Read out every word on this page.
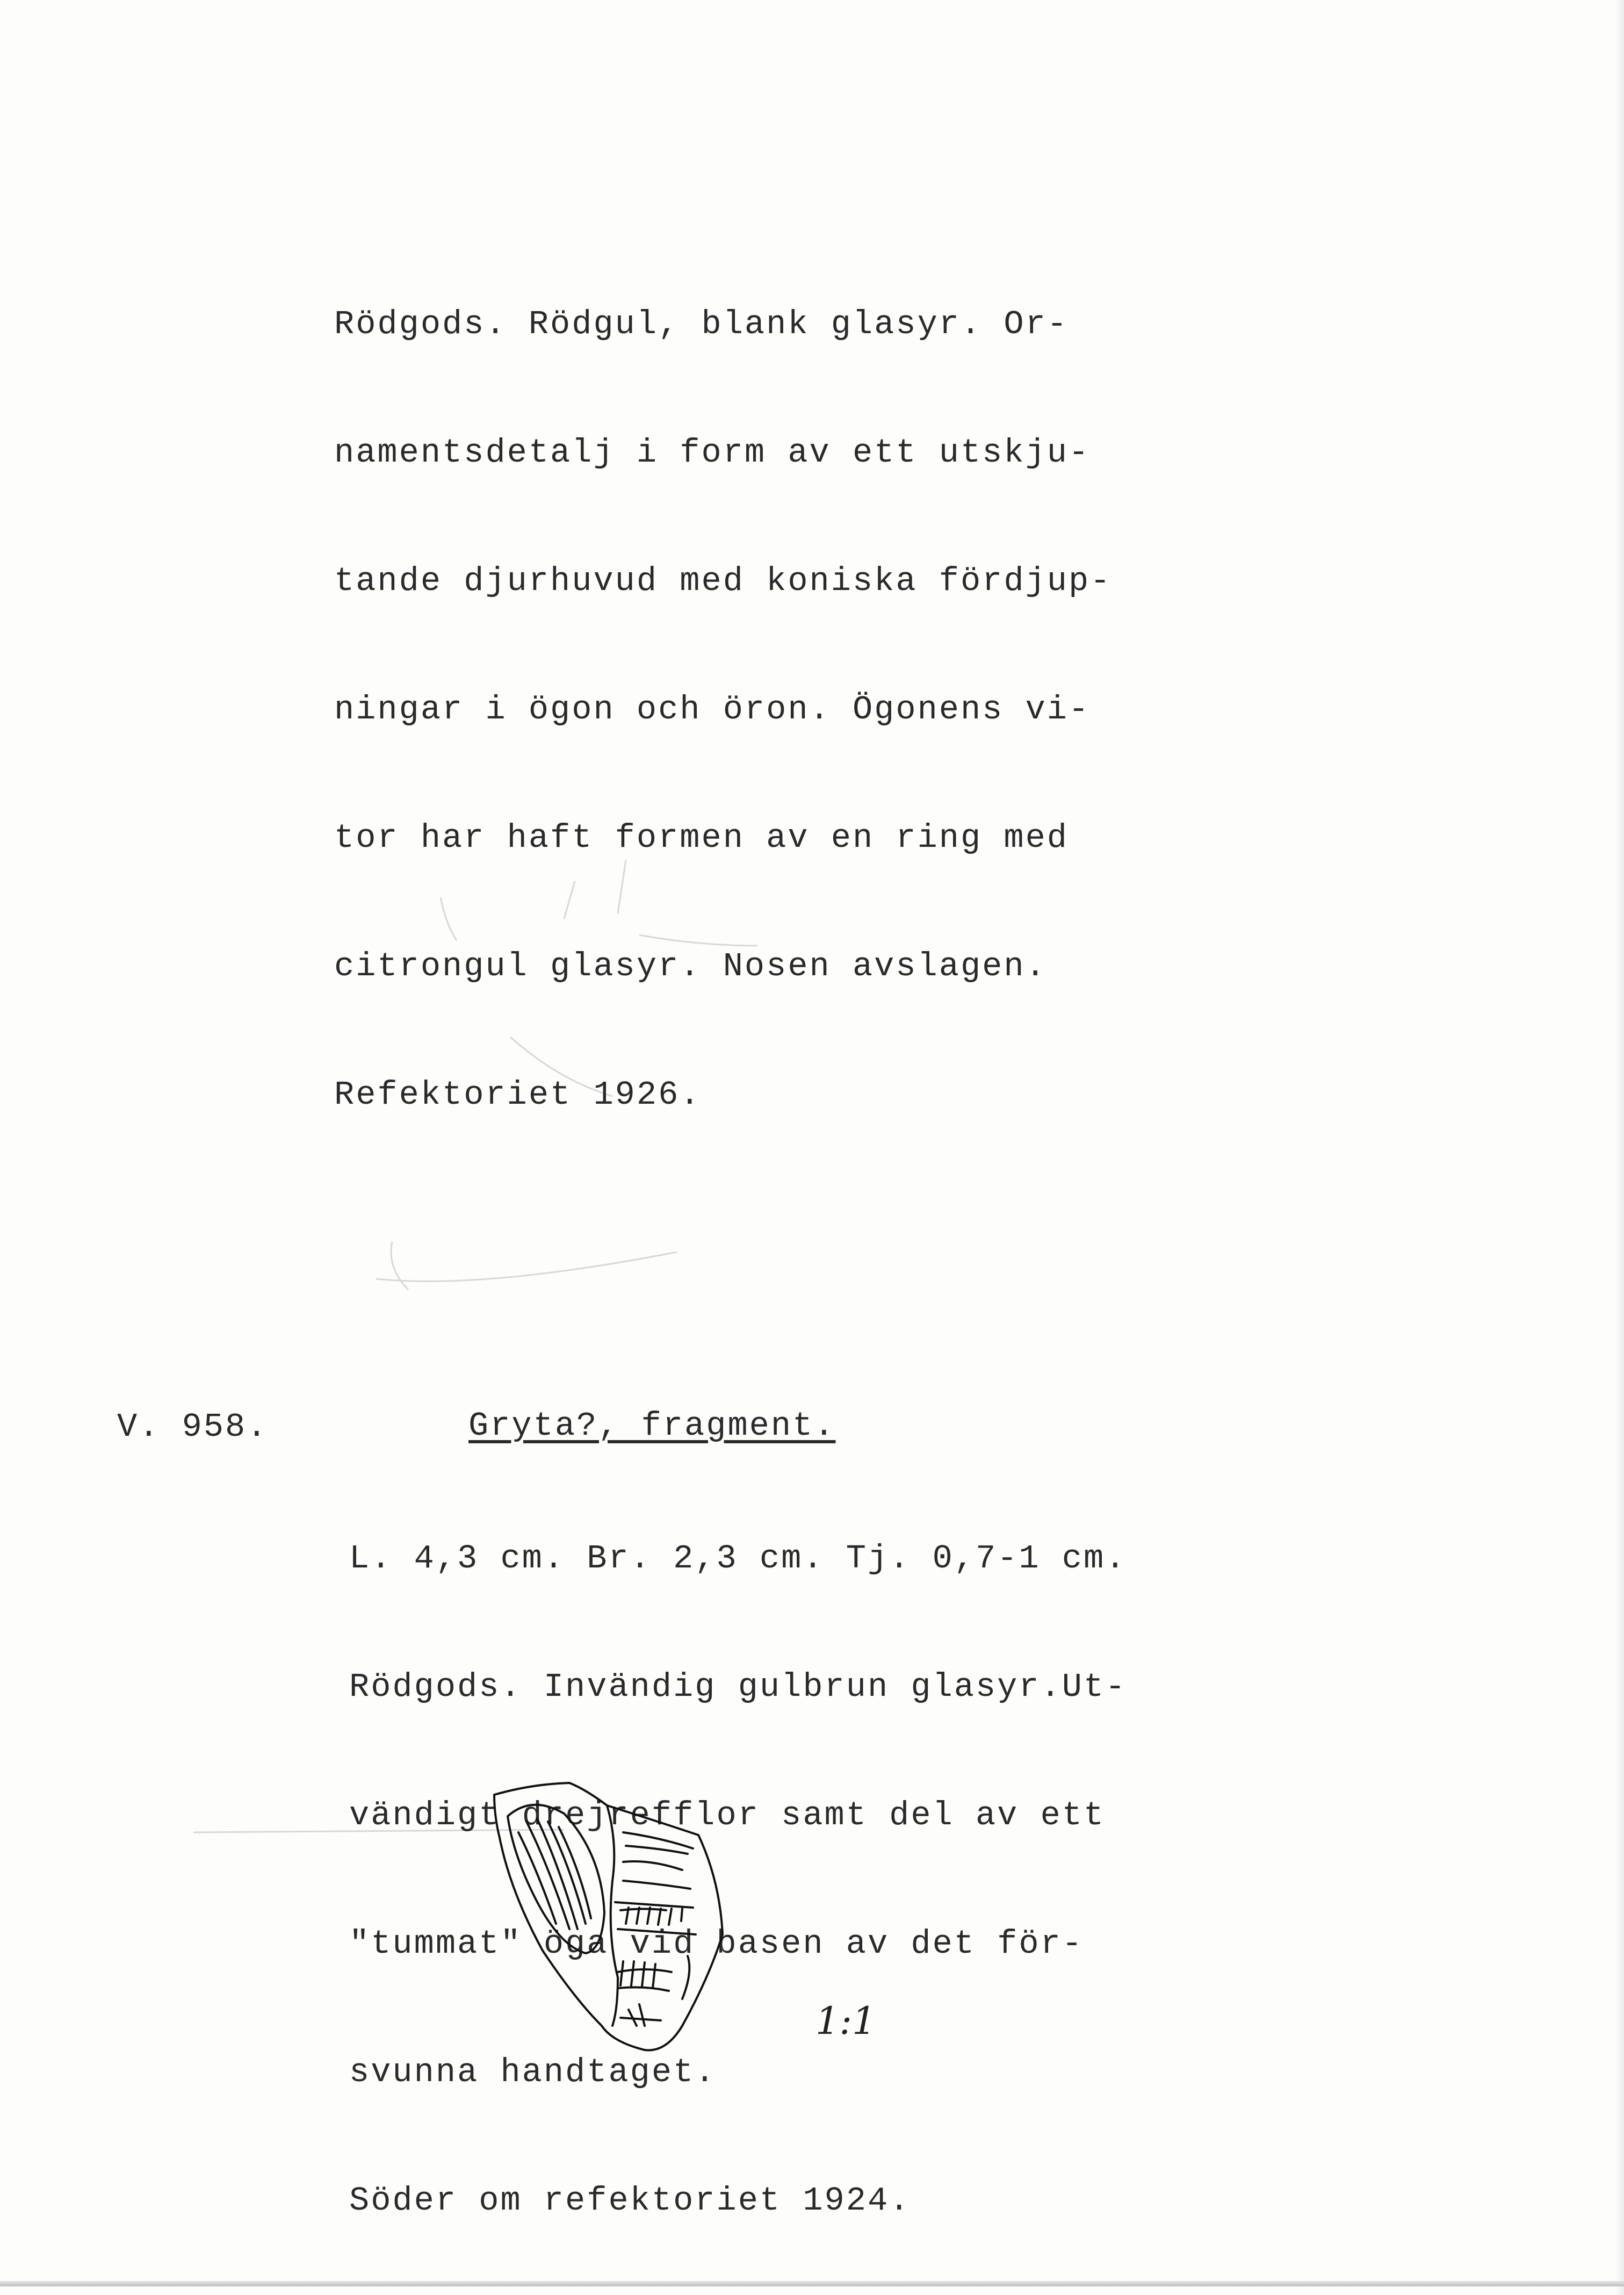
Rödgods. Rödgul, blank glasyr. Or-

namentsdetalj i form av ett utskju-

tande djurhuvud med koniska fördjup-

ningar i ögon och öron. Ögonens vi-

tor har haft formen av en ring med

citrongul glasyr. Nosen avslagen.

Refektoriet 1926.

V. 958.	Gryta?, fragment.

L. 4,3 cm. Br. 2,3 cm. Tj. 0,7-1 cm.

Rödgods. Invändig gulbrun glasyr.Ut-

vändigt drejrefflor samt del av ett

"tummat" öga vid basen av det för-

svunna handtaget.

Söder om refektoriet 1924.

1:1
